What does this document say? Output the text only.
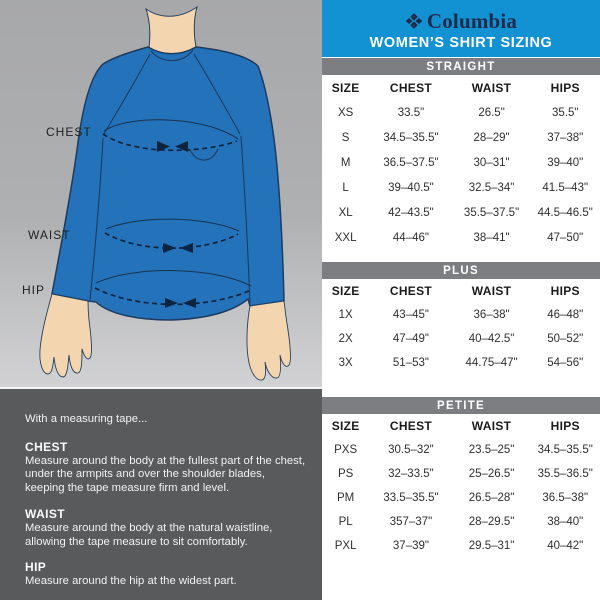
CHEST
WAIST
HIP

With a measuring tape...

CHEST

Measure around the body at the fullest part of the chest, under the armpits and over the shoulder blades, keeping the tape measure firm and level.

WAIST

Measure around the body at the natural waistline, allowing the tape measure to sit comfortably.

HIP

Measure around the hip at the widest part.

Columbia
WOMEN’S SHIRT SIZING
STRAIGHT
SIZE	CHEST	WAIST	HIPS
XS	33.5"	26.5"	35.5"
S	34.5–35.5"	28–29"	37–38"
M	36.5–37.5"	30–31"	39–40"
L	39–40.5"	32.5–34"	41.5–43"
XL	42–43.5"	35.5–37.5"	44.5–46.5"
XXL	44–46"	38–41"	47–50"
PLUS
SIZE	CHEST	WAIST	HIPS
1X	43–45"	36–38"	46–48"
2X	47–49"	40–42.5"	50–52"
3X	51–53"	44.75–47"	54–56"
PETITE
SIZE	CHEST	WAIST	HIPS
PXS	30.5–32"	23.5–25"	34.5–35.5"
PS	32–33.5"	25–26.5"	35.5–36.5"
PM	33.5–35.5"	26.5–28"	36.5–38"
PL	357–37"	28–29.5"	38–40"
PXL	37–39"	29.5–31"	40–42"
